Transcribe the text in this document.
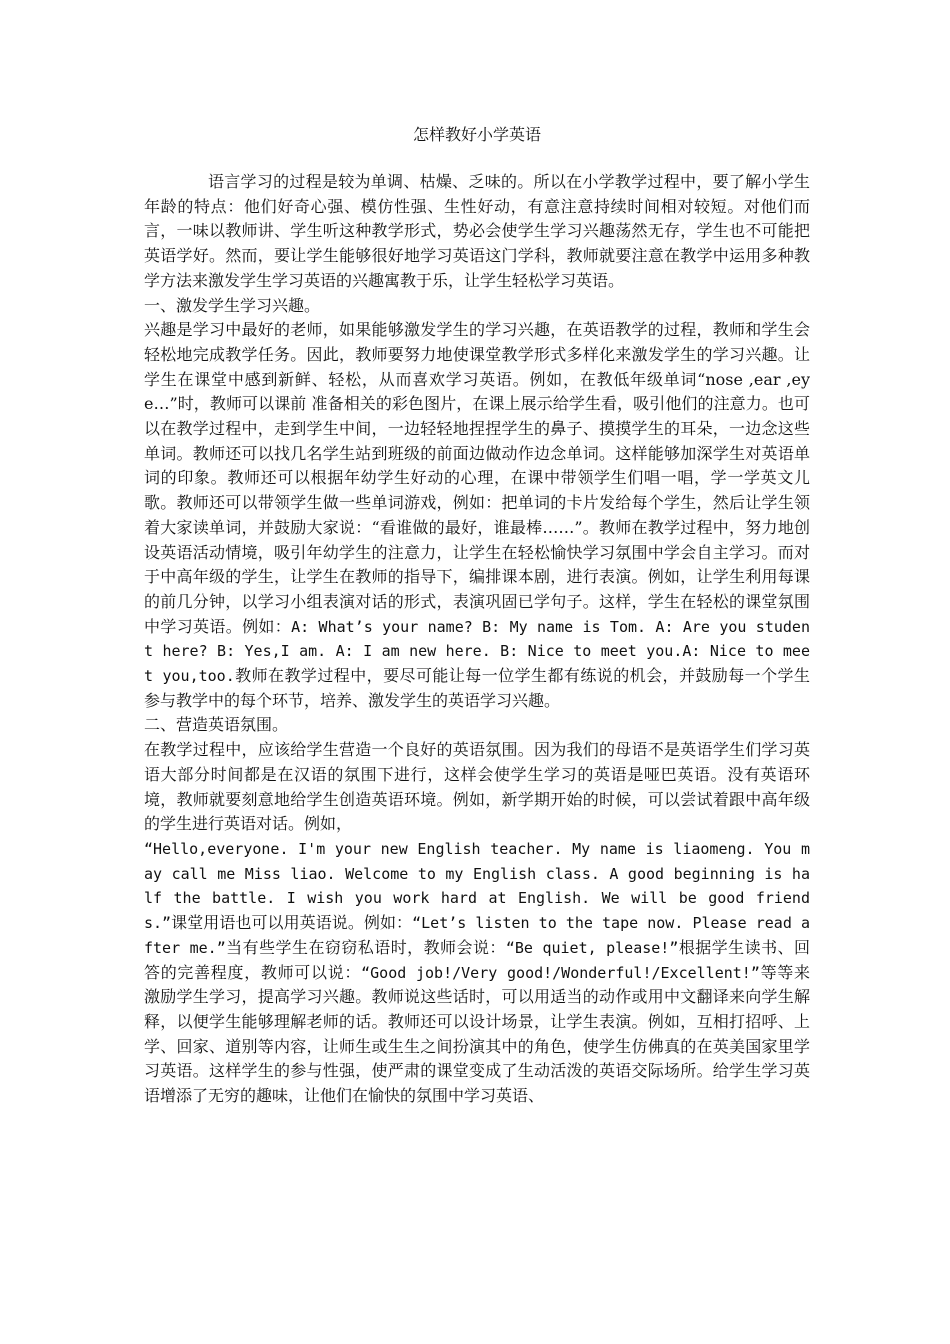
怎样教好小学英语

语言学习的过程是较为单调、枯燥、乏味的。所以在小学教学过程中，要了解小学生年龄的特点：他们好奇心强、模仿性强、生性好动，有意注意持续时间相对较短。对他们而言，一味以教师讲、学生听这种教学形式，势必会使学生学习兴趣荡然无存，学生也不可能把英语学好。然而，要让学生能够很好地学习英语这门学科，教师就要注意在教学中运用多种教学方法来激发学生学习英语的兴趣寓教于乐，让学生轻松学习英语。

一、激发学生学习兴趣。

兴趣是学习中最好的老师，如果能够激发学生的学习兴趣，在英语教学的过程，教师和学生会轻松地完成教学任务。因此，教师要努力地使课堂教学形式多样化来激发学生的学习兴趣。让学生在课堂中感到新鲜、轻松，从而喜欢学习英语。例如，在教低年级单词“nose ,ear ,eye…”时，教师可以课前 准备相关的彩色图片，在课上展示给学生看，吸引他们的注意力。也可以在教学过程中，走到学生中间，一边轻轻地捏捏学生的鼻子、摸摸学生的耳朵，一边念这些单词。教师还可以找几名学生站到班级的前面边做动作边念单词。这样能够加深学生对英语单词的印象。教师还可以根据年幼学生好动的心理，在课中带领学生们唱一唱，学一学英文儿歌。教师还可以带领学生做一些单词游戏，例如：把单词的卡片发给每个学生，然后让学生领着大家读单词，并鼓励大家说：“看谁做的最好，谁最棒……”。教师在教学过程中，努力地创设英语活动情境，吸引年幼学生的注意力，让学生在轻松愉快学习氛围中学会自主学习。而对于中高年级的学生，让学生在教师的指导下，编排课本剧，进行表演。例如，让学生利用每课的前几分钟，以学习小组表演对话的形式，表演巩固已学句子。这样，学生在轻松的课堂氛围中学习英语。例如：A: What’s your name? B: My name is Tom. A: Are you student here? B: Yes,I am. A: I am new here. B: Nice to meet you.A: Nice to meet you,too.教师在教学过程中，要尽可能让每一位学生都有练说的机会，并鼓励每一个学生参与教学中的每个环节，培养、激发学生的英语学习兴趣。

二、营造英语氛围。

在教学过程中，应该给学生营造一个良好的英语氛围。因为我们的母语不是英语学生们学习英语大部分时间都是在汉语的氛围下进行，这样会使学生学习的英语是哑巴英语。没有英语环境，教师就要刻意地给学生创造英语环境。例如，新学期开始的时候，可以尝试着跟中高年级的学生进行英语对话。例如，
“Hello,everyone. I'm your new English teacher. My name is liaomeng. You may call me Miss liao. Welcome to my English class. A good beginning is half the battle. I wish you work hard at English. We will be good friends.”课堂用语也可以用英语说。例如：“Let’s listen to the tape now. Please read after me.”当有些学生在窃窃私语时，教师会说：“Be quiet, please!”根据学生读书、回答的完善程度，教师可以说：“Good job!/Very good!/Wonderful!/Excellent!”等等来激励学生学习，提高学习兴趣。教师说这些话时，可以用适当的动作或用中文翻译来向学生解释，以便学生能够理解老师的话。教师还可以设计场景，让学生表演。例如，互相打招呼、上学、回家、道别等内容，让师生或生生之间扮演其中的角色，使学生仿佛真的在英美国家里学习英语。这样学生的参与性强，使严肃的课堂变成了生动活泼的英语交际场所。给学生学习英语增添了无穷的趣味，让他们在愉快的氛围中学习英语、
